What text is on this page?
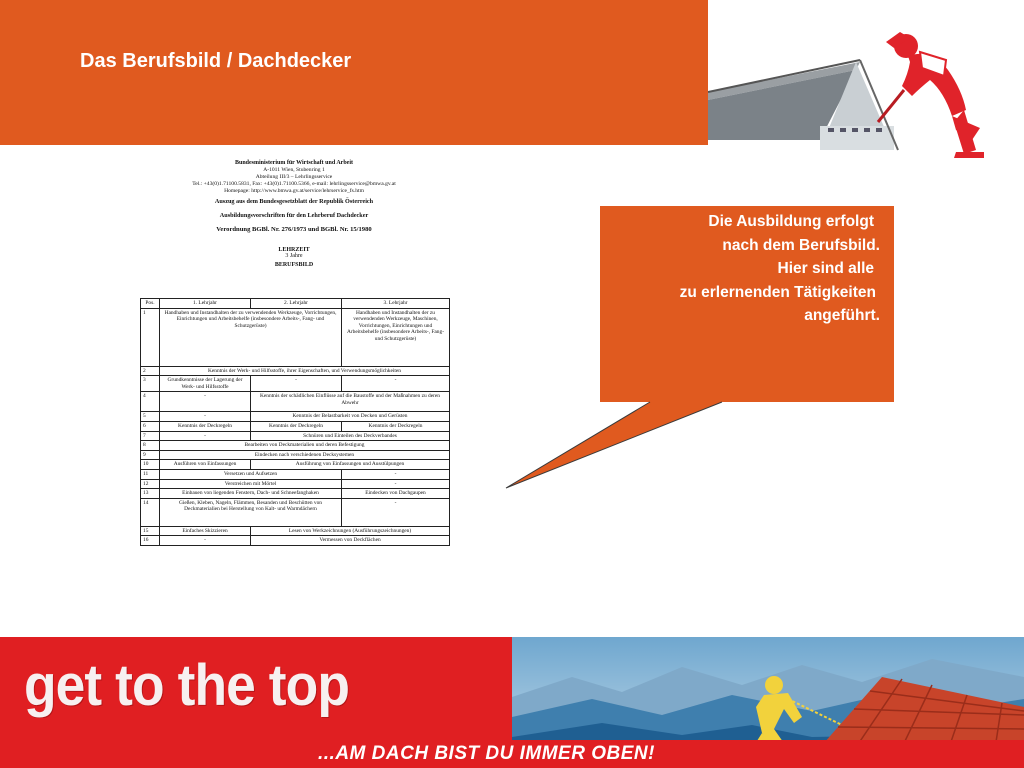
Das Berufsbild / Dachdecker
Bundesministerium für Wirtschaft und Arbeit
A-1011 Wien, Stubenring 1
Abteilung III/3 – Lehrlingsservice
Tel.: +43(0)1.71100.5831, Fax: +43(0)1.71100.5366, e-mail: lehrlingsservice@bmwa.gv.at
Homepage: http://www.bmwa.gv.at/service/lehrservice_fs.htm
Auszug aus dem Bundesgesetzblatt der Republik Österreich
Ausbildungsvorschriften für den Lehrberuf Dachdecker
Verordnung BGBl. Nr. 276/1973 und BGBl. Nr. 15/1980
LEHRZEIT
3 Jahre
BERUFSBILD
Pos.	1. Lehrjahr	2. Lehrjahr	3. Lehrjahr
1	Handhaben und Instandhalten der zu verwendenden Werkzeuge, Vorrichtungen, Einrichtungen und Arbeitsbehelfe (insbesondere Arbeits-, Fang- und Schutzgerüste)		Handhaben und Instandhalten der zu verwendenden Werkzeuge, Maschinen, Vorrichtungen, Einrichtungen und Arbeitsbehelfe (insbesondere Arbeits-, Fang- und Schutzgerüste)
2	Kenntnis der Werk- und Hilfsstoffe, ihrer Eigenschaften, und Verwendungsmöglichkeiten		
3	Grundkenntnisse der Lagerung der Werk- und Hilfsstoffe	-	-
4	-	Kenntnis der schädlichen Einflüsse auf die Baustoffe und der Maßnahmen zu deren Abwehr	
5	-	Kenntnis der Belastbarkeit von Decken und Gerüsten	
6	Kenntnis der Deckregeln	Kenntnis der Deckregeln	Kenntnis der Deckregeln
7	-	Schnüren und Einteilen des Deckverbandes	
8	Bearbeiten von Deckmaterialien und deren Befestigung		
9	Eindecken nach verschiedenen Decksystemen		
10	Ausführen von Einfassungen	Ausführung von Einfassungen und Ausstülpungen	
11	Versetzen und Aufsetzen		-
12	Verstreichen mit Mörtel		-
13	Einbauen von liegenden Fenstern, Dach- und Schneefanghaken		Eindecken von Dachgaupen
14	Gießen, Kleben, Nageln, Flämmen, Besanden und Beschütten von Deckmaterialien bei Herstellung von Kalt- und Warmdächern		-
15	Einfaches Skizzieren	Lesen von Werkzeichnungen (Ausführungszeichnungen)	
16	-	Vermessen von Deckflächen	
Die Ausbildung erfolgt
nach dem Berufsbild.
Hier sind alle
zu erlernenden Tätigkeiten
angeführt.
get to the top
...AM DACH BIST DU IMMER OBEN!
